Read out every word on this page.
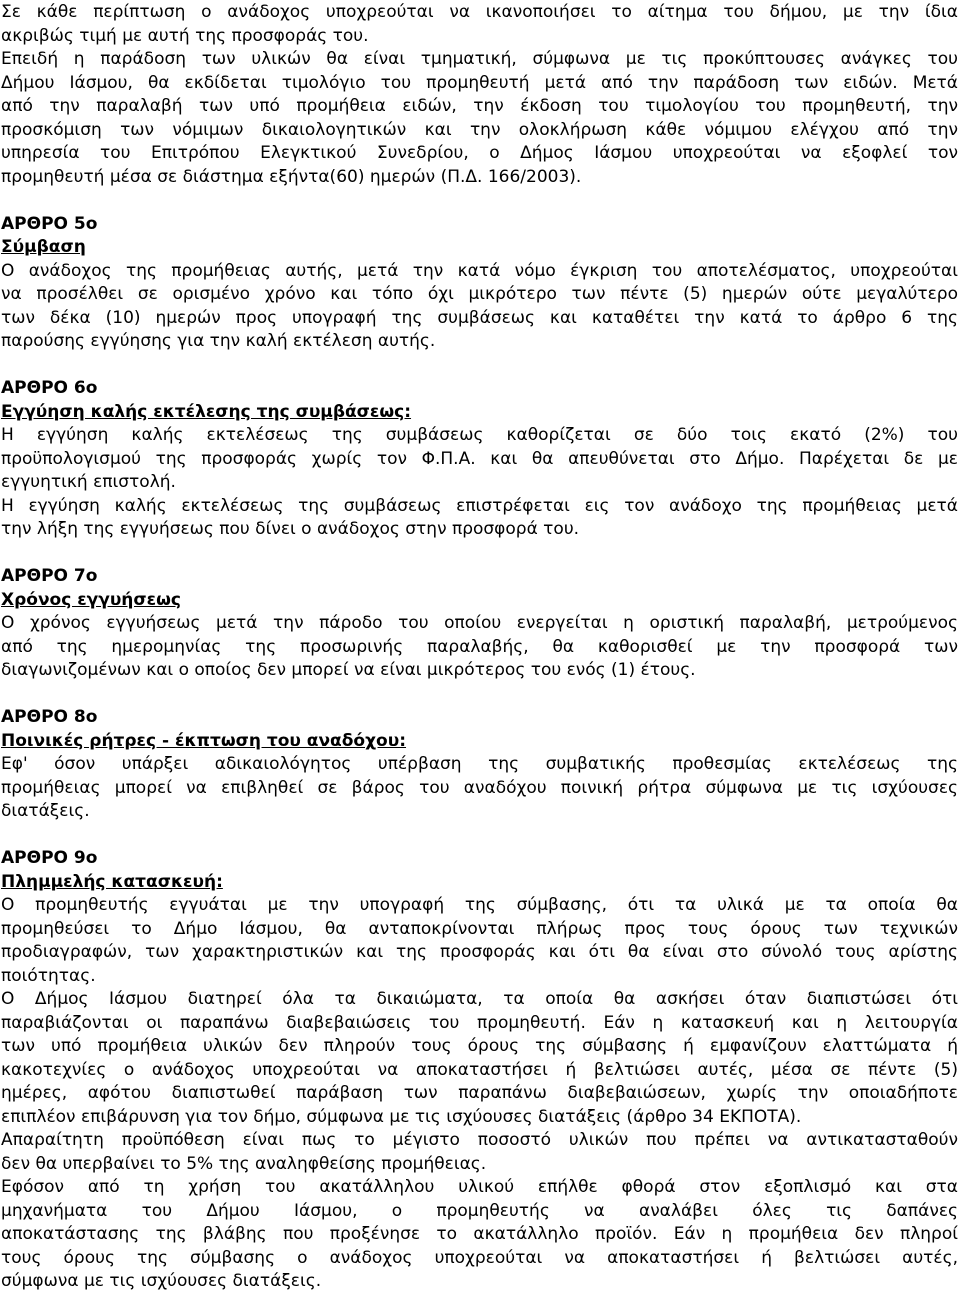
Σε κάθε περίπτωση ο ανάδοχος υποχρεούται να ικανοποιήσει το αίτημα του δήμου, με την ίδια
ακριβώς τιμή με αυτή της προσφοράς του.
Επειδή η παράδοση των υλικών θα είναι τμηματική, σύμφωνα με τις προκύπτουσες ανάγκες του
Δήμου Ιάσμου, θα εκδίδεται τιμολόγιο του προμηθευτή μετά από την παράδοση των ειδών. Μετά
από την παραλαβή των υπό προμήθεια ειδών, την έκδοση του τιμολογίου του προμηθευτή, την
προσκόμιση των νόμιμων δικαιολογητικών και την ολοκλήρωση κάθε νόμιμου ελέγχου από την
υπηρεσία του Επιτρόπου Ελεγκτικού Συνεδρίου, ο Δήμος Ιάσμου υποχρεούται να εξοφλεί τον
προμηθευτή μέσα σε διάστημα εξήντα(60) ημερών (Π.Δ. 166/2003).
ΑΡΘΡΟ 5ο
Σύμβαση
Ο ανάδοχος της προμήθειας αυτής, μετά την κατά νόμο έγκριση του αποτελέσματος, υποχρεούται
να προσέλθει σε ορισμένο χρόνο και τόπο όχι μικρότερο των πέντε (5) ημερών ούτε μεγαλύτερο
των δέκα (10) ημερών προς υπογραφή της συμβάσεως και καταθέτει την κατά το άρθρο 6 της
παρούσης εγγύησης για την καλή εκτέλεση αυτής.
ΑΡΘΡΟ 6ο
Εγγύηση καλής εκτέλεσης της συμβάσεως:
Η εγγύηση καλής εκτελέσεως της συμβάσεως καθορίζεται σε δύο τοις εκατό (2%) του
προϋπολογισμού της προσφοράς χωρίς τον Φ.Π.Α. και θα απευθύνεται στο Δήμο. Παρέχεται δε με
εγγυητική επιστολή.
Η εγγύηση καλής εκτελέσεως της συμβάσεως επιστρέφεται εις τον ανάδοχο της προμήθειας μετά
την λήξη της εγγυήσεως που δίνει ο ανάδοχος στην προσφορά του.
ΑΡΘΡΟ 7ο
Χρόνος εγγυήσεως
Ο χρόνος εγγυήσεως μετά την πάροδο του οποίου ενεργείται η οριστική παραλαβή, μετρούμενος
από της ημερομηνίας της προσωρινής παραλαβής, θα καθορισθεί με την προσφορά των
διαγωνιζομένων και ο οποίος δεν μπορεί να είναι μικρότερος του ενός (1) έτους.
ΑΡΘΡΟ 8ο
Ποινικές ρήτρες - έκπτωση του αναδόχου:
Εφ' όσον υπάρξει αδικαιολόγητος υπέρβαση της συμβατικής προθεσμίας εκτελέσεως της
προμήθειας μπορεί να επιβληθεί σε βάρος του αναδόχου ποινική ρήτρα σύμφωνα με τις ισχύουσες
διατάξεις.
ΑΡΘΡΟ 9ο
Πλημμελής κατασκευή:
Ο προμηθευτής εγγυάται με την υπογραφή της σύμβασης, ότι τα υλικά με τα οποία θα
προμηθεύσει το Δήμο Ιάσμου, θα ανταποκρίνονται πλήρως προς τους όρους των τεχνικών
προδιαγραφών, των χαρακτηριστικών και της προσφοράς και ότι θα είναι στο σύνολό τους αρίστης
ποιότητας.
Ο Δήμος Ιάσμου διατηρεί όλα τα δικαιώματα, τα οποία θα ασκήσει όταν διαπιστώσει ότι
παραβιάζονται οι παραπάνω διαβεβαιώσεις του προμηθευτή. Εάν η κατασκευή και η λειτουργία
των υπό προμήθεια υλικών δεν πληρούν τους όρους της σύμβασης ή εμφανίζουν ελαττώματα ή
κακοτεχνίες ο ανάδοχος υποχρεούται να αποκαταστήσει ή βελτιώσει αυτές, μέσα σε πέντε (5)
ημέρες, αφότου διαπιστωθεί παράβαση των παραπάνω διαβεβαιώσεων, χωρίς την οποιαδήποτε
επιπλέον επιβάρυνση για τον δήμο, σύμφωνα με τις ισχύουσες διατάξεις (άρθρο 34 ΕΚΠΟΤΑ).
Απαραίτητη προϋπόθεση είναι πως το μέγιστο ποσοστό υλικών που πρέπει να αντικατασταθούν
δεν θα υπερβαίνει το 5% της αναληφθείσης προμήθειας.
Εφόσον από τη χρήση του ακατάλληλου υλικού επήλθε φθορά στον εξοπλισμό και στα
μηχανήματα του Δήμου Ιάσμου, ο προμηθευτής να αναλάβει όλες τις δαπάνες
αποκατάστασης της βλάβης που προξένησε το ακατάλληλο προϊόν. Εάν η προμήθεια δεν πληροί
τους όρους της σύμβασης ο ανάδοχος υποχρεούται να αποκαταστήσει ή βελτιώσει αυτές,
σύμφωνα με τις ισχύουσες διατάξεις.
